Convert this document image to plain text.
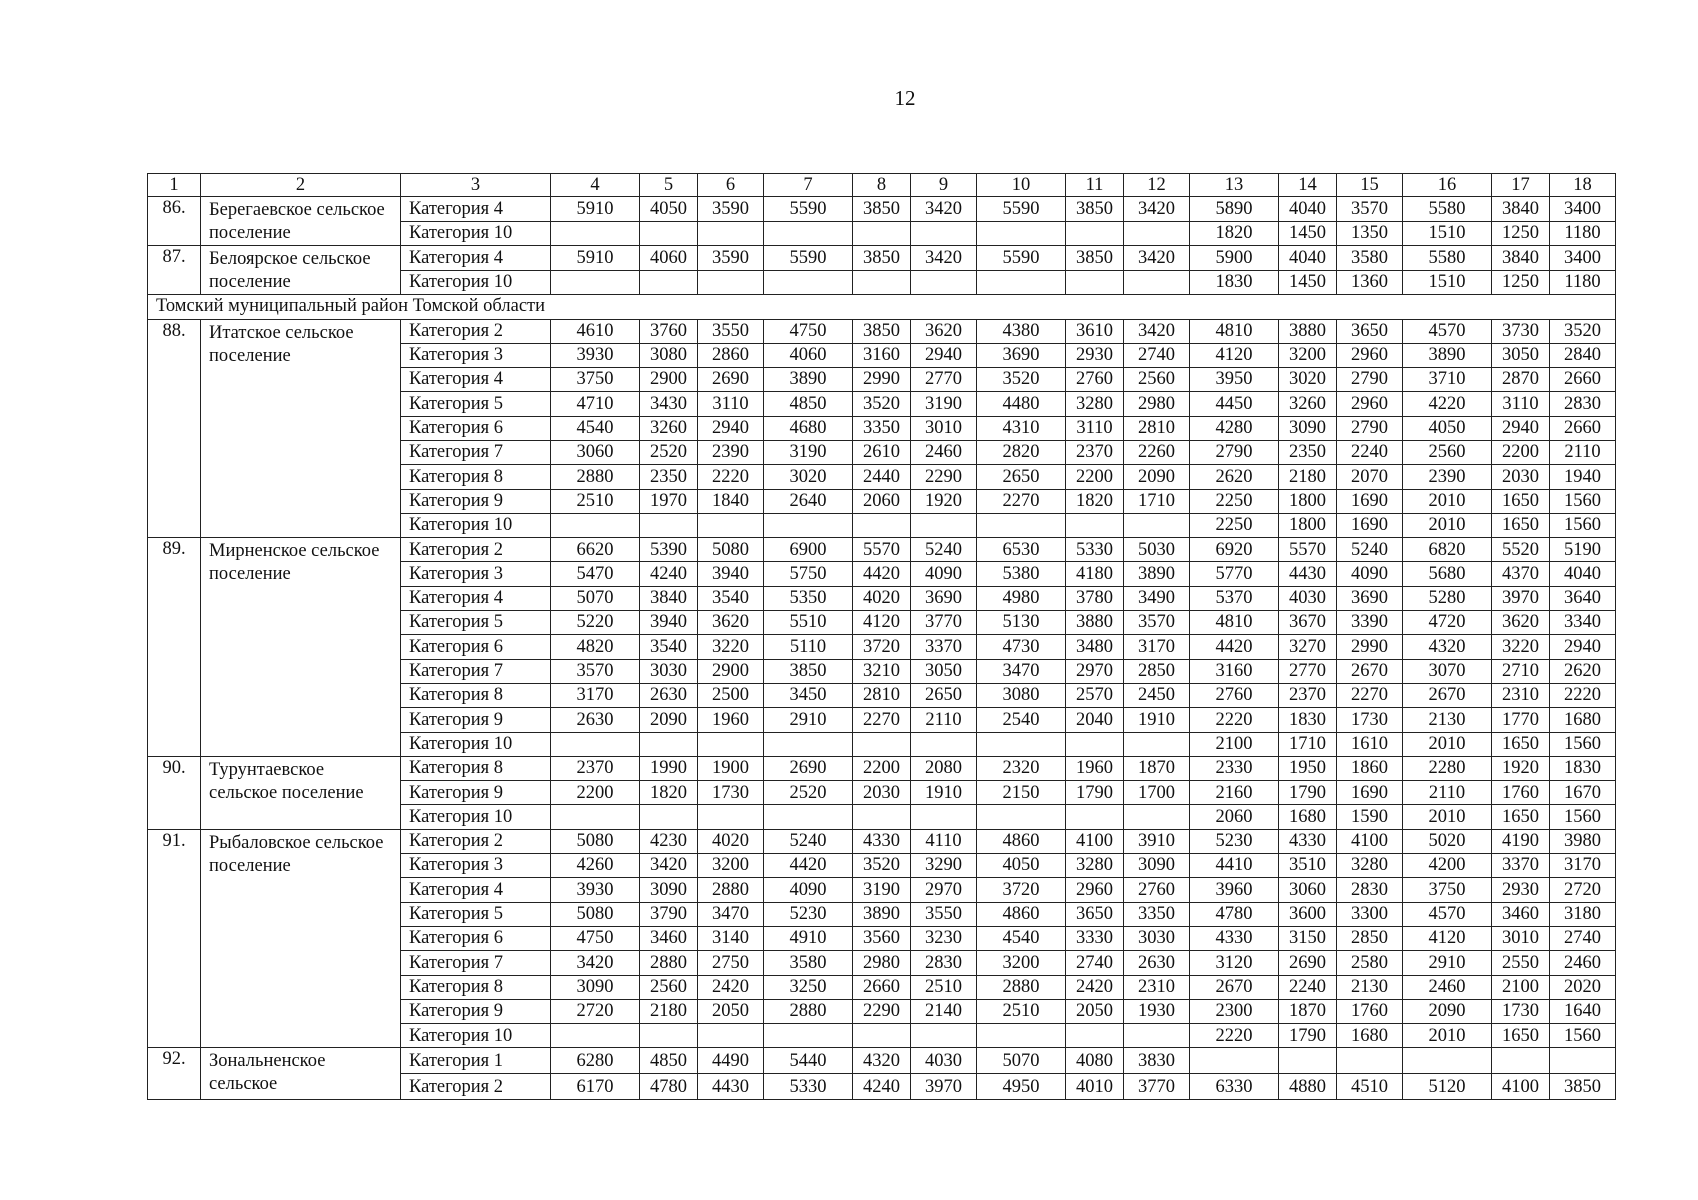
12
1	2	3	4	5	6	7	8	9	10	11	12	13	14	15	16	17	18
86.	Берегаевское сельское поселение	Категория 4	5910	4050	3590	5590	3850	3420	5590	3850	3420	5890	4040	3570	5580	3840	3400
		Категория 10										1820	1450	1350	1510	1250	1180
87.	Белоярское сельское поселение	Категория 4	5910	4060	3590	5590	3850	3420	5590	3850	3420	5900	4040	3580	5580	3840	3400
		Категория 10										1830	1450	1360	1510	1250	1180
Томский муниципальный район Томской области																	
88.	Итатское сельское поселение	Категория 2	4610	3760	3550	4750	3850	3620	4380	3610	3420	4810	3880	3650	4570	3730	3520
		Категория 3	3930	3080	2860	4060	3160	2940	3690	2930	2740	4120	3200	2960	3890	3050	2840
		Категория 4	3750	2900	2690	3890	2990	2770	3520	2760	2560	3950	3020	2790	3710	2870	2660
		Категория 5	4710	3430	3110	4850	3520	3190	4480	3280	2980	4450	3260	2960	4220	3110	2830
		Категория 6	4540	3260	2940	4680	3350	3010	4310	3110	2810	4280	3090	2790	4050	2940	2660
		Категория 7	3060	2520	2390	3190	2610	2460	2820	2370	2260	2790	2350	2240	2560	2200	2110
		Категория 8	2880	2350	2220	3020	2440	2290	2650	2200	2090	2620	2180	2070	2390	2030	1940
		Категория 9	2510	1970	1840	2640	2060	1920	2270	1820	1710	2250	1800	1690	2010	1650	1560
		Категория 10										2250	1800	1690	2010	1650	1560
89.	Мирненское сельское поселение	Категория 2	6620	5390	5080	6900	5570	5240	6530	5330	5030	6920	5570	5240	6820	5520	5190
		Категория 3	5470	4240	3940	5750	4420	4090	5380	4180	3890	5770	4430	4090	5680	4370	4040
		Категория 4	5070	3840	3540	5350	4020	3690	4980	3780	3490	5370	4030	3690	5280	3970	3640
		Категория 5	5220	3940	3620	5510	4120	3770	5130	3880	3570	4810	3670	3390	4720	3620	3340
		Категория 6	4820	3540	3220	5110	3720	3370	4730	3480	3170	4420	3270	2990	4320	3220	2940
		Категория 7	3570	3030	2900	3850	3210	3050	3470	2970	2850	3160	2770	2670	3070	2710	2620
		Категория 8	3170	2630	2500	3450	2810	2650	3080	2570	2450	2760	2370	2270	2670	2310	2220
		Категория 9	2630	2090	1960	2910	2270	2110	2540	2040	1910	2220	1830	1730	2130	1770	1680
		Категория 10										2100	1710	1610	2010	1650	1560
90.	Турунтаевское сельское поселение	Категория 8	2370	1990	1900	2690	2200	2080	2320	1960	1870	2330	1950	1860	2280	1920	1830
		Категория 9	2200	1820	1730	2520	2030	1910	2150	1790	1700	2160	1790	1690	2110	1760	1670
		Категория 10										2060	1680	1590	2010	1650	1560
91.	Рыбаловское сельское поселение	Категория 2	5080	4230	4020	5240	4330	4110	4860	4100	3910	5230	4330	4100	5020	4190	3980
		Категория 3	4260	3420	3200	4420	3520	3290	4050	3280	3090	4410	3510	3280	4200	3370	3170
		Категория 4	3930	3090	2880	4090	3190	2970	3720	2960	2760	3960	3060	2830	3750	2930	2720
		Категория 5	5080	3790	3470	5230	3890	3550	4860	3650	3350	4780	3600	3300	4570	3460	3180
		Категория 6	4750	3460	3140	4910	3560	3230	4540	3330	3030	4330	3150	2850	4120	3010	2740
		Категория 7	3420	2880	2750	3580	2980	2830	3200	2740	2630	3120	2690	2580	2910	2550	2460
		Категория 8	3090	2560	2420	3250	2660	2510	2880	2420	2310	2670	2240	2130	2460	2100	2020
		Категория 9	2720	2180	2050	2880	2290	2140	2510	2050	1930	2300	1870	1760	2090	1730	1640
		Категория 10										2220	1790	1680	2010	1650	1560
92.	Зональненское сельское	Категория 1	6280	4850	4490	5440	4320	4030	5070	4080	3830						
		Категория 2	6170	4780	4430	5330	4240	3970	4950	4010	3770	6330	4880	4510	5120	4100	3850
